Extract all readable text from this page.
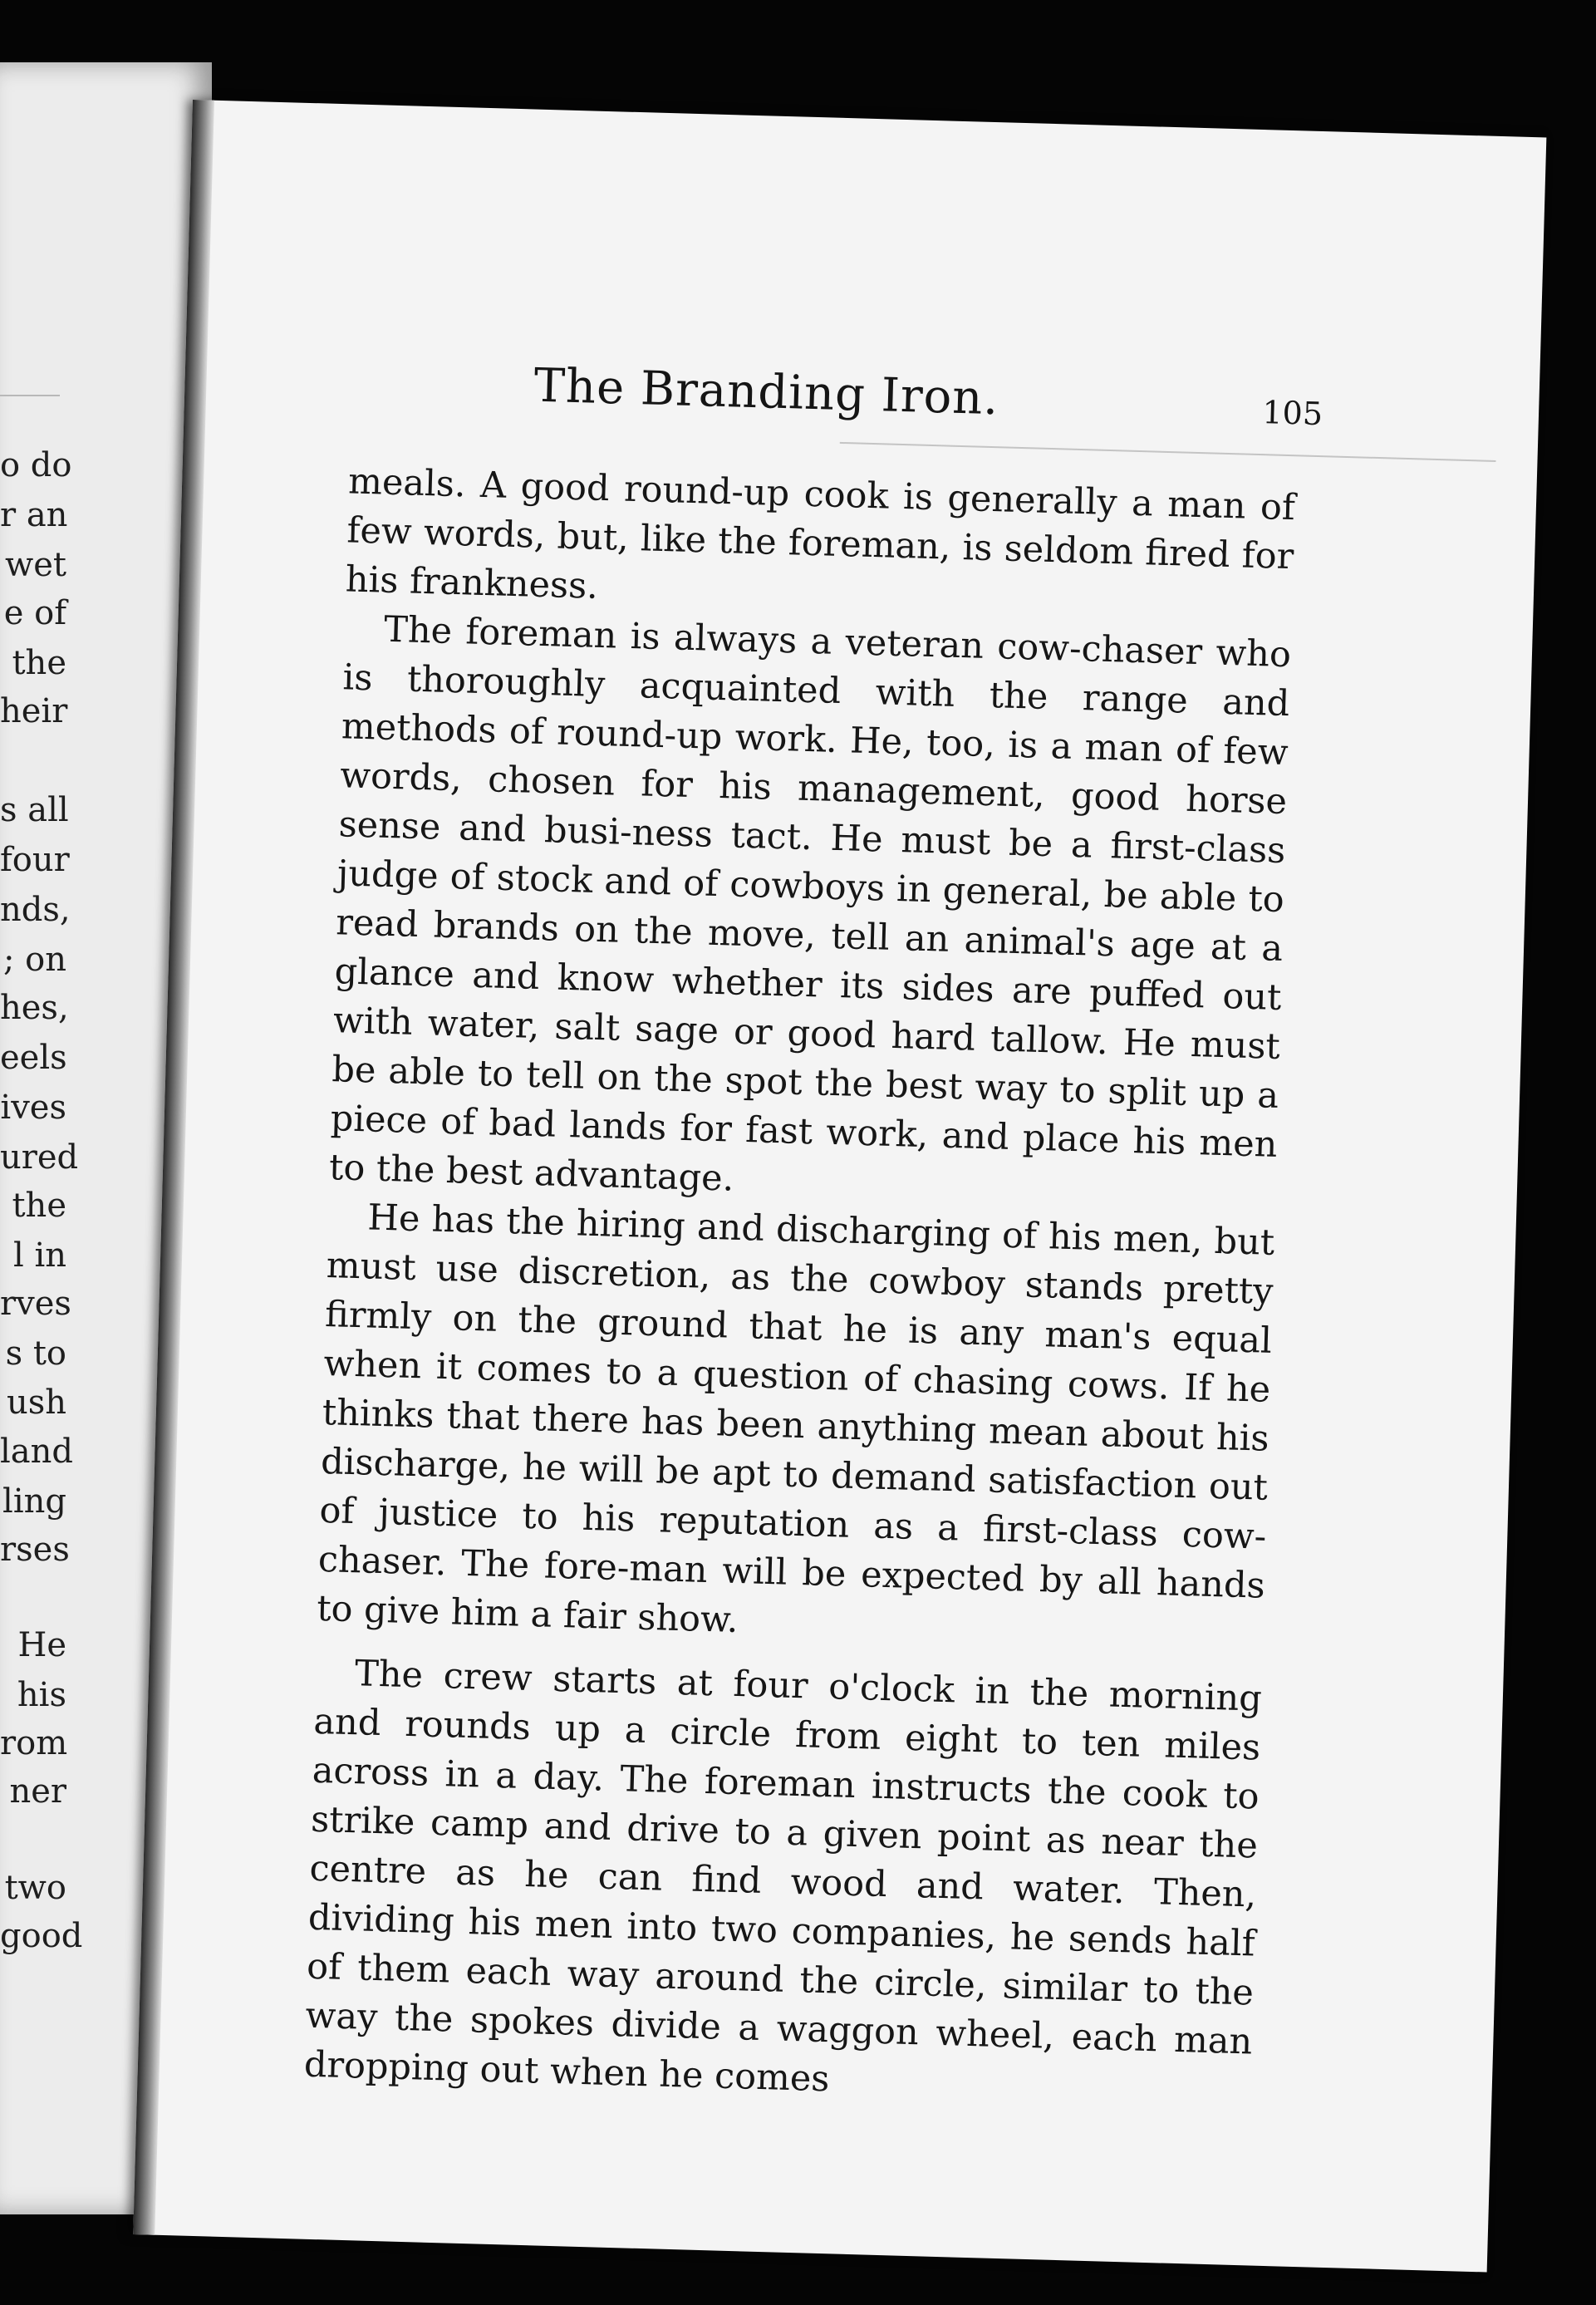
o do
r an
wet
e of
the
heir
s all
four
nds,
; on
hes,
eels
ives
ured
the
l in
rves
s to
ush
land
ling
rses
He
his
rom
ner
two
good
The Branding Iron.	105

meals. A good round-up cook is generally a man of few words, but, like the foreman, is seldom fired for his frankness.

The foreman is always a veteran cow-chaser who is thoroughly acquainted with the range and methods of round-up work. He, too, is a man of few words, chosen for his management, good horse sense and busi-ness tact. He must be a first-class judge of stock and of cowboys in general, be able to read brands on the move, tell an animal's age at a glance and know whether its sides are puffed out with water, salt sage or good hard tallow. He must be able to tell on the spot the best way to split up a piece of bad lands for fast work, and place his men to the best advantage.

He has the hiring and discharging of his men, but must use discretion, as the cowboy stands pretty firmly on the ground that he is any man's equal when it comes to a question of chasing cows. If he thinks that there has been anything mean about his discharge, he will be apt to demand satisfaction out of justice to his reputation as a first-class cow-chaser. The fore-man will be expected by all hands to give him a fair show.

The crew starts at four o'clock in the morning and rounds up a circle from eight to ten miles across in a day. The foreman instructs the cook to strike camp and drive to a given point as near the centre as he can find wood and water. Then, dividing his men into two companies, he sends half of them each way around the circle, similar to the way the spokes divide a waggon wheel, each man dropping out when he comes
